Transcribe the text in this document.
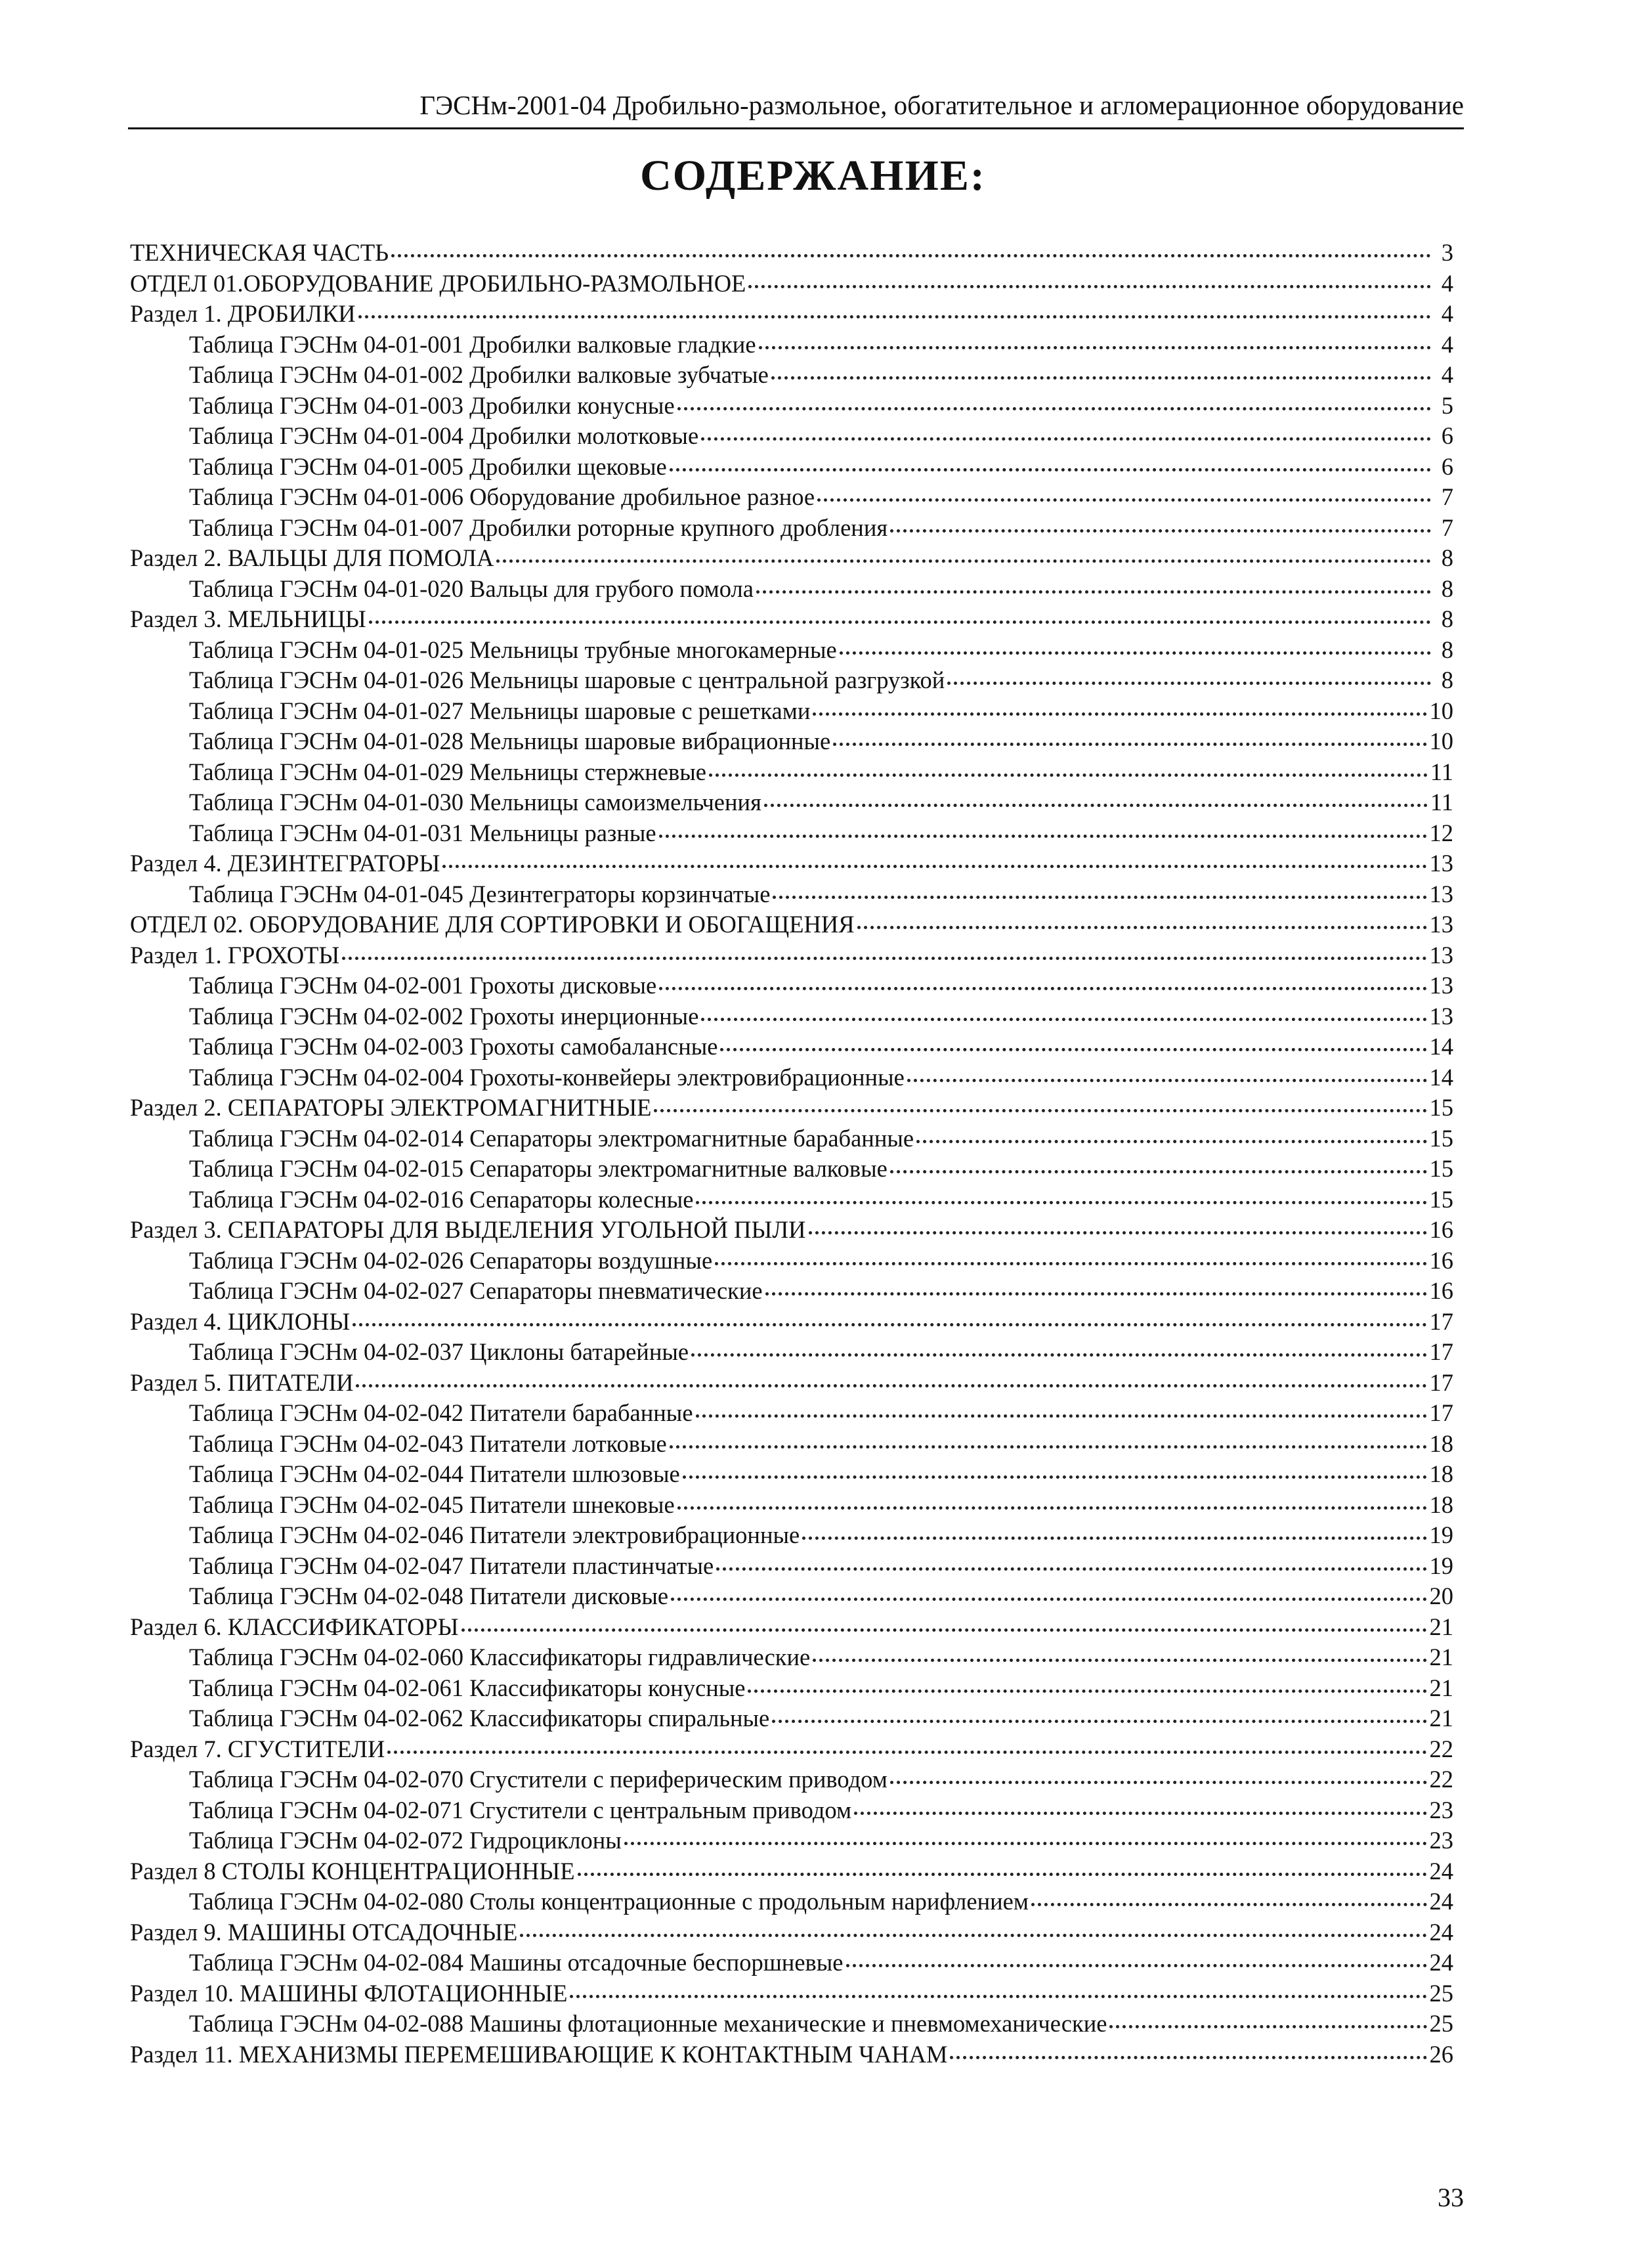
ГЭСНм-2001-04 Дробильно-размольное, обогатительное и агломерационное оборудование
СОДЕРЖАНИЕ:
ТЕХНИЧЕСКАЯ ЧАСТЬ	3
ОТДЕЛ 01.ОБОРУДОВАНИЕ ДРОБИЛЬНО-РАЗМОЛЬНОЕ	4
Раздел 1. ДРОБИЛКИ	4
Таблица ГЭСНм 04-01-001 Дробилки валковые гладкие	4
Таблица ГЭСНм 04-01-002 Дробилки валковые зубчатые	4
Таблица ГЭСНм 04-01-003 Дробилки конусные	5
Таблица ГЭСНм 04-01-004 Дробилки молотковые	6
Таблица ГЭСНм 04-01-005 Дробилки щековые	6
Таблица ГЭСНм 04-01-006 Оборудование дробильное разное	7
Таблица ГЭСНм 04-01-007 Дробилки роторные крупного дробления	7
Раздел 2. ВАЛЬЦЫ ДЛЯ ПОМОЛА	8
Таблица ГЭСНм 04-01-020 Вальцы для грубого помола	8
Раздел 3. МЕЛЬНИЦЫ	8
Таблица ГЭСНм 04-01-025 Мельницы трубные многокамерные	8
Таблица ГЭСНм 04-01-026 Мельницы шаровые с центральной разгрузкой	8
Таблица ГЭСНм 04-01-027 Мельницы шаровые с решетками	10
Таблица ГЭСНм 04-01-028 Мельницы шаровые вибрационные	10
Таблица ГЭСНм 04-01-029 Мельницы стержневые	11
Таблица ГЭСНм 04-01-030 Мельницы самоизмельчения	11
Таблица ГЭСНм 04-01-031 Мельницы разные	12
Раздел 4. ДЕЗИНТЕГРАТОРЫ	13
Таблица ГЭСНм 04-01-045 Дезинтеграторы корзинчатые	13
ОТДЕЛ 02. ОБОРУДОВАНИЕ ДЛЯ СОРТИРОВКИ И ОБОГАЩЕНИЯ	13
Раздел 1. ГРОХОТЫ	13
Таблица ГЭСНм 04-02-001 Грохоты дисковые	13
Таблица ГЭСНм 04-02-002 Грохоты инерционные	13
Таблица ГЭСНм 04-02-003 Грохоты самобалансные	14
Таблица ГЭСНм 04-02-004 Грохоты-конвейеры электровибрационные	14
Раздел 2. СЕПАРАТОРЫ ЭЛЕКТРОМАГНИТНЫЕ	15
Таблица ГЭСНм 04-02-014 Сепараторы электромагнитные барабанные	15
Таблица ГЭСНм 04-02-015 Сепараторы электромагнитные валковые	15
Таблица ГЭСНм 04-02-016 Сепараторы колесные	15
Раздел 3. СЕПАРАТОРЫ ДЛЯ ВЫДЕЛЕНИЯ УГОЛЬНОЙ ПЫЛИ	16
Таблица ГЭСНм 04-02-026 Сепараторы воздушные	16
Таблица ГЭСНм 04-02-027 Сепараторы пневматические	16
Раздел 4. ЦИКЛОНЫ	17
Таблица ГЭСНм 04-02-037 Циклоны батарейные	17
Раздел 5. ПИТАТЕЛИ	17
Таблица ГЭСНм 04-02-042 Питатели барабанные	17
Таблица ГЭСНм 04-02-043 Питатели лотковые	18
Таблица ГЭСНм 04-02-044 Питатели шлюзовые	18
Таблица ГЭСНм 04-02-045 Питатели шнековые	18
Таблица ГЭСНм 04-02-046 Питатели электровибрационные	19
Таблица ГЭСНм 04-02-047 Питатели пластинчатые	19
Таблица ГЭСНм 04-02-048 Питатели дисковые	20
Раздел 6. КЛАССИФИКАТОРЫ	21
Таблица ГЭСНм 04-02-060 Классификаторы гидравлические	21
Таблица ГЭСНм 04-02-061 Классификаторы конусные	21
Таблица ГЭСНм 04-02-062 Классификаторы спиральные	21
Раздел 7. СГУСТИТЕЛИ	22
Таблица ГЭСНм 04-02-070 Сгустители с периферическим приводом	22
Таблица ГЭСНм 04-02-071 Сгустители с центральным приводом	23
Таблица ГЭСНм 04-02-072 Гидроциклоны	23
Раздел 8 СТОЛЫ КОНЦЕНТРАЦИОННЫЕ	24
Таблица ГЭСНм 04-02-080 Столы концентрационные с продольным нарифлением	24
Раздел 9. МАШИНЫ ОТСАДОЧНЫЕ	24
Таблица ГЭСНм 04-02-084 Машины отсадочные беспоршневые	24
Раздел 10. МАШИНЫ ФЛОТАЦИОННЫЕ	25
Таблица ГЭСНм 04-02-088 Машины флотационные механические и пневмомеханические	25
Раздел 11. МЕХАНИЗМЫ ПЕРЕМЕШИВАЮЩИЕ К КОНТАКТНЫМ ЧАНАМ	26
33
